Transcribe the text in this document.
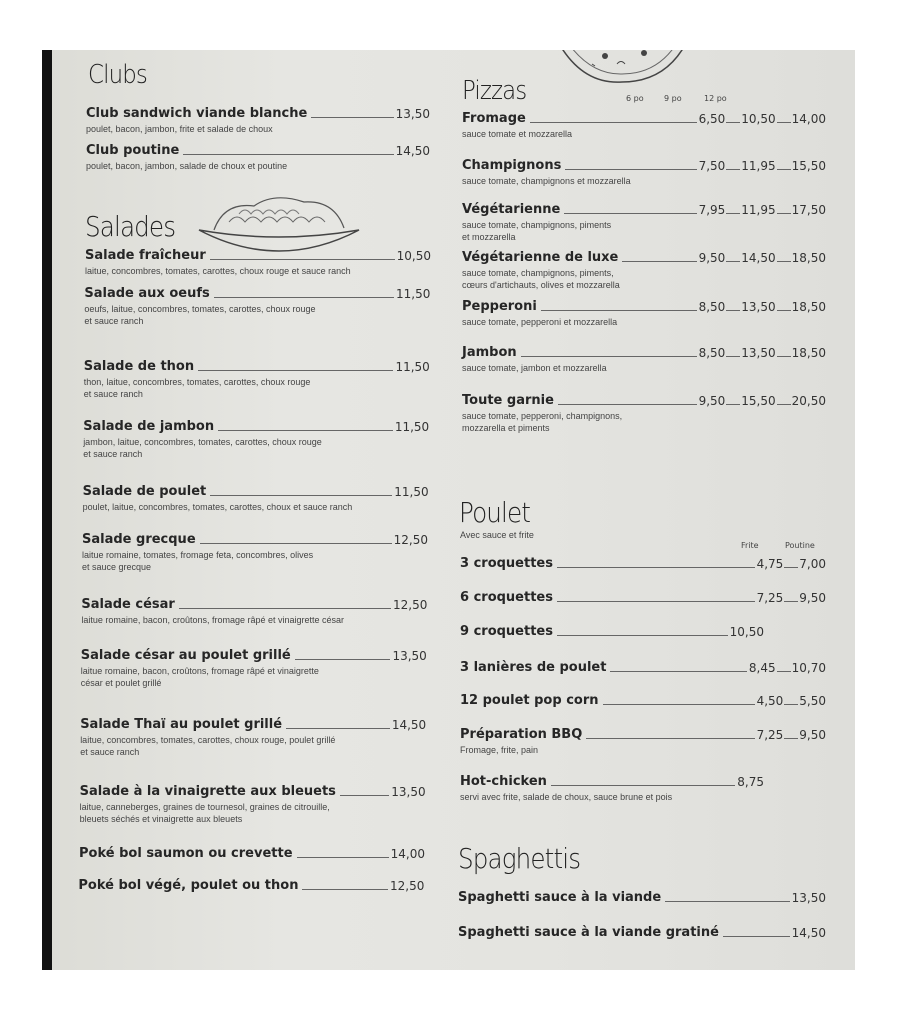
Clubs
Club sandwich viande blanche	13,50
poulet, bacon, jambon, frite et salade de choux
Club poutine	14,50
poulet, bacon, jambon, salade de choux et poutine
Salades
Salade fraîcheur	10,50
laitue, concombres, tomates, carottes, choux rouge et sauce ranch
Salade aux oeufs	11,50
oeufs, laitue, concombres, tomates, carottes, choux rouge
et sauce ranch
Salade de thon	11,50
thon, laitue, concombres, tomates, carottes, choux rouge
et sauce ranch
Salade de jambon	11,50
jambon, laitue, concombres, tomates, carottes, choux rouge
et sauce ranch
Salade de poulet	11,50
poulet, laitue, concombres, tomates, carottes, choux et sauce ranch
Salade grecque	12,50
laitue romaine, tomates, fromage feta, concombres, olives
et sauce grecque
Salade césar	12,50
laitue romaine, bacon, croûtons, fromage râpé et vinaigrette césar
Salade césar au poulet grillé	13,50
laitue romaine, bacon, croûtons, fromage râpé et vinaigrette
césar et poulet grillé
Salade Thaï au poulet grillé	14,50
laitue, concombres, tomates, carottes, choux rouge, poulet grillé
et sauce ranch
Salade à la vinaigrette aux bleuets	13,50
laitue, canneberges, graines de tournesol, graines de citrouille,
bleuets séchés et vinaigrette aux bleuets
Poké bol saumon ou crevette	14,00
Poké bol végé, poulet ou thon	12,50
Pizzas	6 po	9 po	12 po
Fromage	6,50 10,50 14,00
sauce tomate et mozzarella
Champignons	7,50 11,95 15,50
sauce tomate, champignons et mozzarella
Végétarienne	7,95 11,95 17,50
sauce tomate, champignons, piments
et mozzarella
Végétarienne de luxe	9,50 14,50 18,50
sauce tomate, champignons, piments,
cœurs d'artichauts, olives et mozzarella
Pepperoni	8,50 13,50 18,50
sauce tomate, pepperoni et mozzarella
Jambon	8,50 13,50 18,50
sauce tomate, jambon et mozzarella
Toute garnie	9,50 15,50 20,50
sauce tomate, pepperoni, champignons,
mozzarella et piments
Poulet
Avec sauce et frite
Frite	Poutine
3 croquettes	4,75 7,00
6 croquettes	7,25 9,50
9 croquettes	10,50
3 lanières de poulet	8,45 10,70
12 poulet pop corn	4,50 5,50
Préparation BBQ	7,25 9,50
Fromage, frite, pain
Hot-chicken	8,75
servi avec frite, salade de choux, sauce brune et pois
Spaghettis
Spaghetti sauce à la viande	13,50
Spaghetti sauce à la viande gratiné	14,50
